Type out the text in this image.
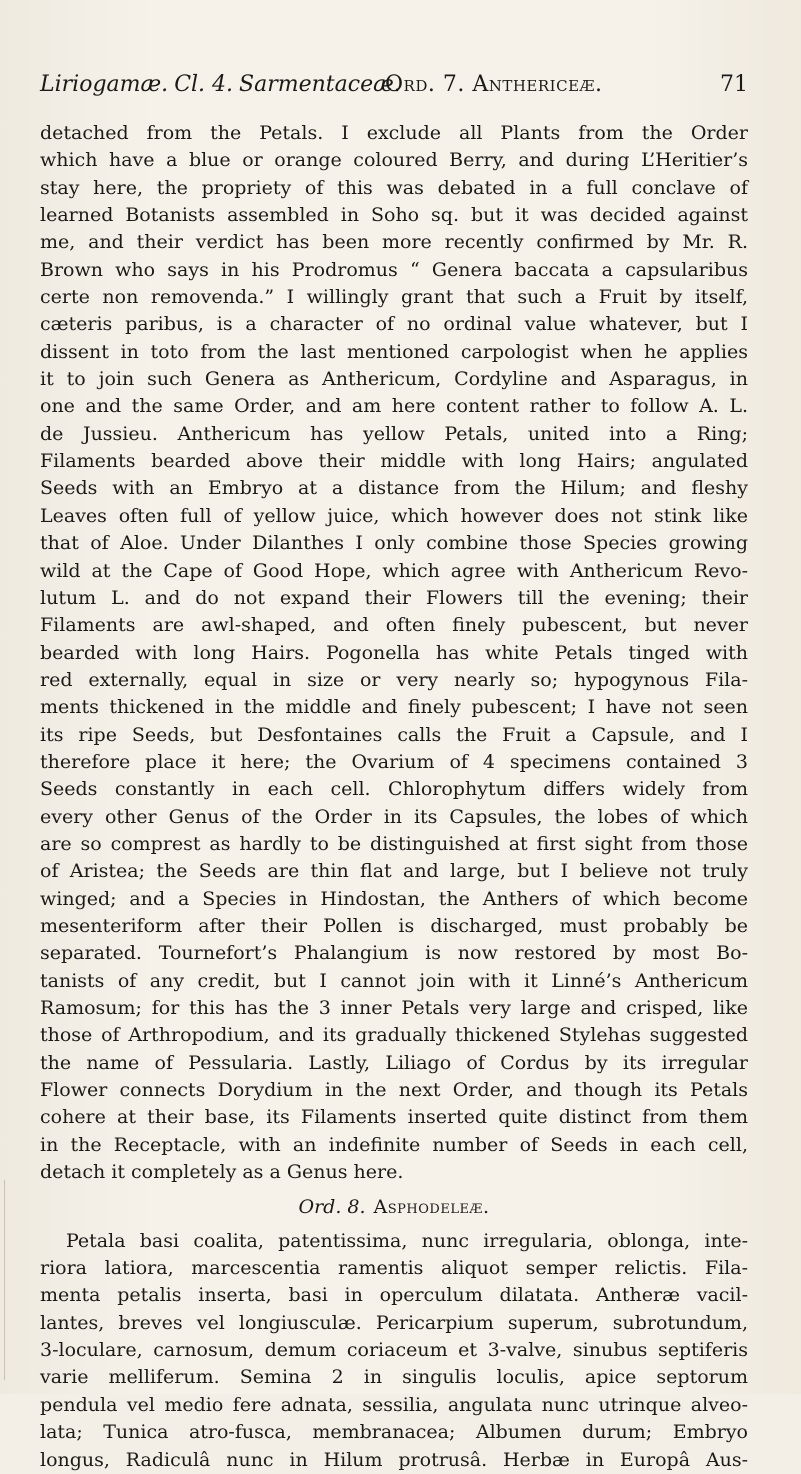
Liriogamæ. Cl. 4. Sarmentaceæ.
Ord. 7. Anthericeæ.	71

detached from the Petals. I exclude all Plants from the Order

which have a blue or orange coloured Berry, and during L’Heritier’s

stay here, the propriety of this was debated in a full conclave of

learned Botanists assembled in Soho sq. but it was decided against

me, and their verdict has been more recently confirmed by Mr. R.

Brown who says in his Prodromus “ Genera baccata a capsularibus

certe non removenda.” I willingly grant that such a Fruit by itself,

cæteris paribus, is a character of no ordinal value whatever, but I

dissent in toto from the last mentioned carpologist when he applies

it to join such Genera as Anthericum, Cordyline and Asparagus, in

one and the same Order, and am here content rather to follow A. L.

de Jussieu. Anthericum has yellow Petals, united into a Ring;

Filaments bearded above their middle with long Hairs; angulated

Seeds with an Embryo at a distance from the Hilum; and fleshy

Leaves often full of yellow juice, which however does not stink like

that of Aloe. Under Dilanthes I only combine those Species growing

wild at the Cape of Good Hope, which agree with Anthericum Revo-

lutum L. and do not expand their Flowers till the evening; their

Filaments are awl-shaped, and often finely pubescent, but never

bearded with long Hairs. Pogonella has white Petals tinged with

red externally, equal in size or very nearly so; hypogynous Fila-

ments thickened in the middle and finely pubescent; I have not seen

its ripe Seeds, but Desfontaines calls the Fruit a Capsule, and I

therefore place it here; the Ovarium of 4 specimens contained 3

Seeds constantly in each cell. Chlorophytum differs widely from

every other Genus of the Order in its Capsules, the lobes of which

are so comprest as hardly to be distinguished at first sight from those

of Aristea; the Seeds are thin flat and large, but I believe not truly

winged; and a Species in Hindostan, the Anthers of which become

mesenteriform after their Pollen is discharged, must probably be

separated. Tournefort’s Phalangium is now restored by most Bo-

tanists of any credit, but I cannot join with it Linné’s Anthericum

Ramosum; for this has the 3 inner Petals very large and crisped, like

those of Arthropodium, and its gradually thickened Stylehas suggested

the name of Pessularia. Lastly, Liliago of Cordus by its irregular

Flower connects Dorydium in the next Order, and though its Petals

cohere at their base, its Filaments inserted quite distinct from them

in the Receptacle, with an indefinite number of Seeds in each cell,

detach it completely as a Genus here.

Ord. 8. Asphodeleæ.

Petala basi coalita, patentissima, nunc irregularia, oblonga, inte-

riora latiora, marcescentia ramentis aliquot semper relictis. Fila-

menta petalis inserta, basi in operculum dilatata. Antheræ vacil-

lantes, breves vel longiusculæ. Pericarpium superum, subrotundum,

3-loculare, carnosum, demum coriaceum et 3-valve, sinubus septiferis

varie melliferum. Semina 2 in singulis loculis, apice septorum

pendula vel medio fere adnata, sessilia, angulata nunc utrinque alveo-

lata; Tunica atro-fusca, membranacea; Albumen durum; Embryo

longus, Radiculâ nunc in Hilum protrusâ. Herbæ in Europâ Aus-
